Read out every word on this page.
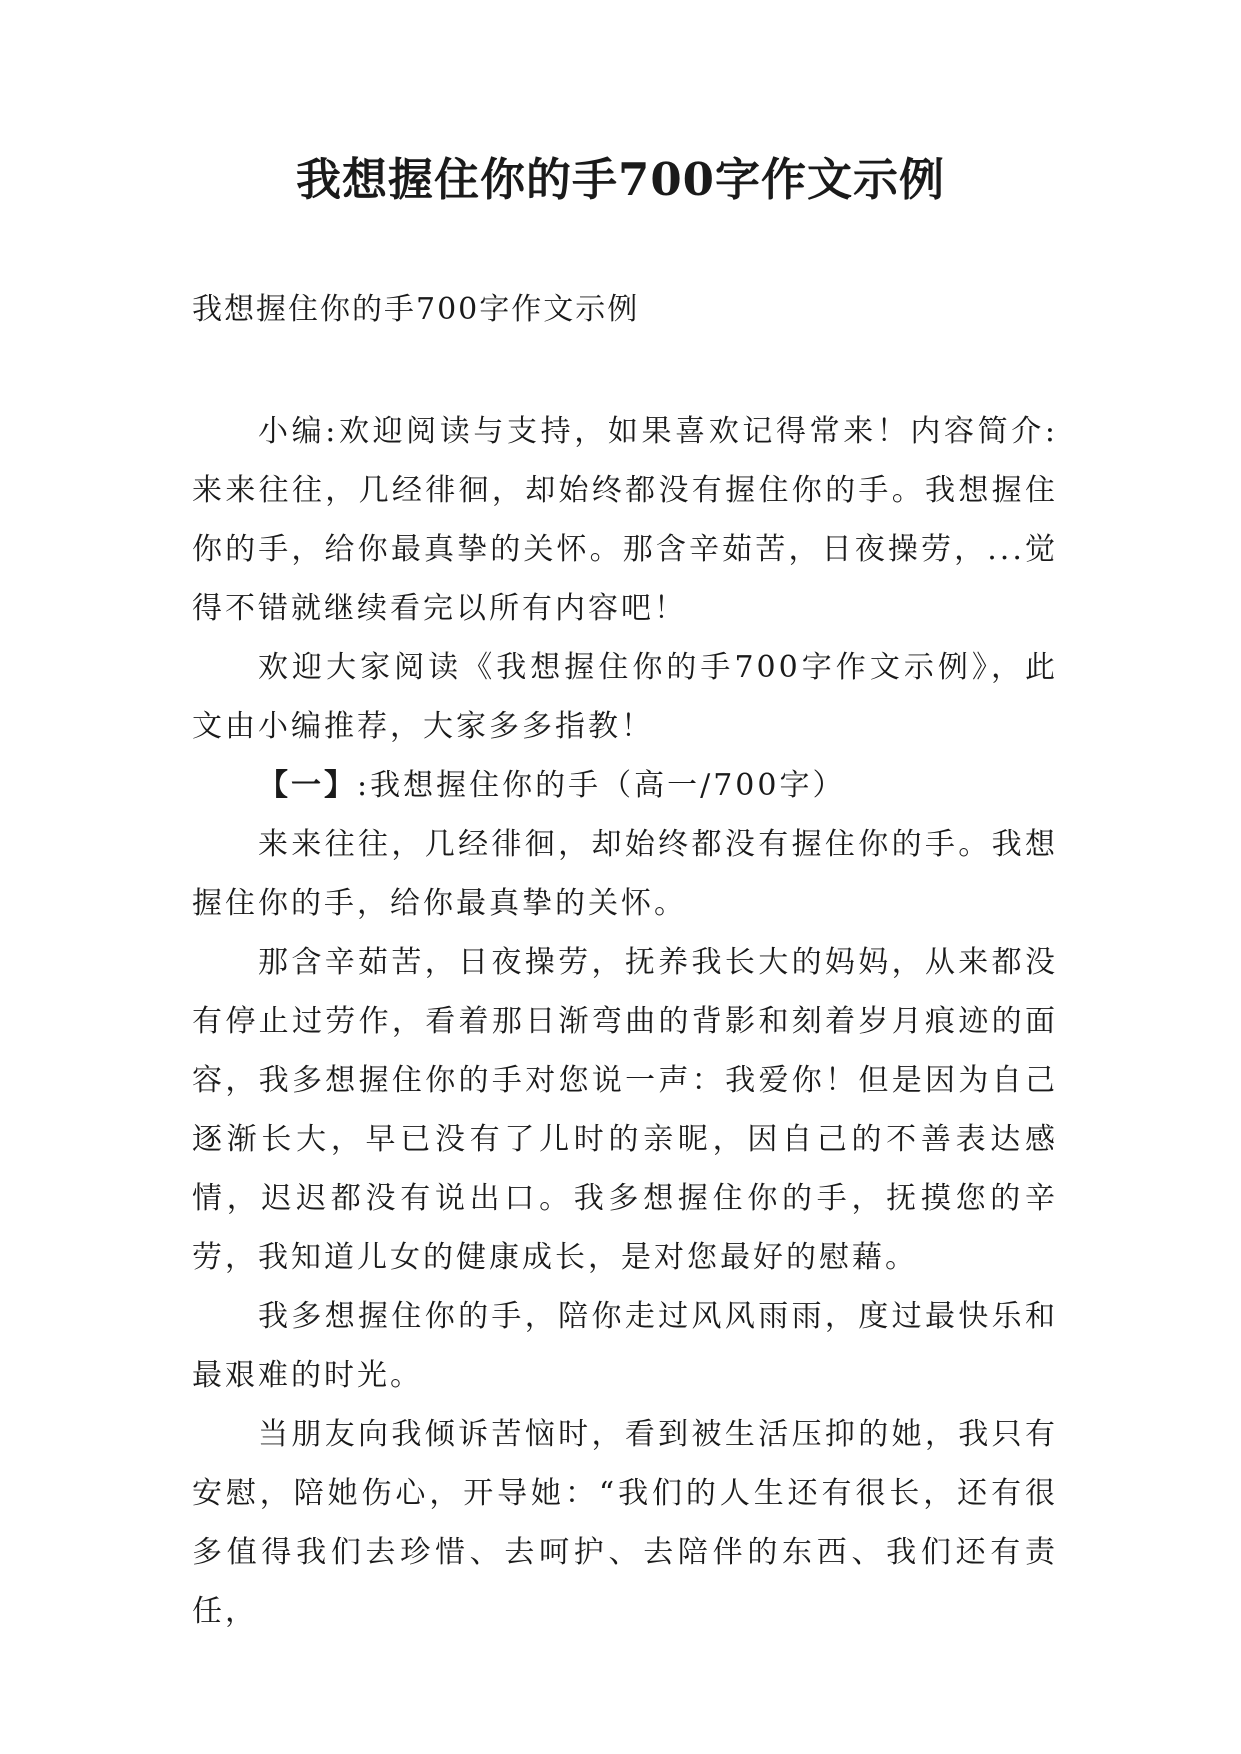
我想握住你的手700字作文示例

我想握住你的手700字作文示例

小编:欢迎阅读与支持，如果喜欢记得常来！内容简介:来来往往，几经徘徊，却始终都没有握住你的手。我想握住你的手，给你最真挚的关怀。那含辛茹苦，日夜操劳，...觉得不错就继续看完以所有内容吧！

欢迎大家阅读《我想握住你的手700字作文示例》，此文由小编推荐，大家多多指教！

【一】:我想握住你的手（高一/700字）

来来往往，几经徘徊，却始终都没有握住你的手。我想握住你的手，给你最真挚的关怀。

那含辛茹苦，日夜操劳，抚养我长大的妈妈，从来都没有停止过劳作，看着那日渐弯曲的背影和刻着岁月痕迹的面容，我多想握住你的手对您说一声：我爱你！但是因为自己逐渐长大，早已没有了儿时的亲昵，因自己的不善表达感情，迟迟都没有说出口。我多想握住你的手，抚摸您的辛劳，我知道儿女的健康成长，是对您最好的慰藉。

我多想握住你的手，陪你走过风风雨雨，度过最快乐和最艰难的时光。

当朋友向我倾诉苦恼时，看到被生活压抑的她，我只有安慰，陪她伤心，开导她：“我们的人生还有很长，还有很多值得我们去珍惜、去呵护、去陪伴的东西、我们还有责任，
